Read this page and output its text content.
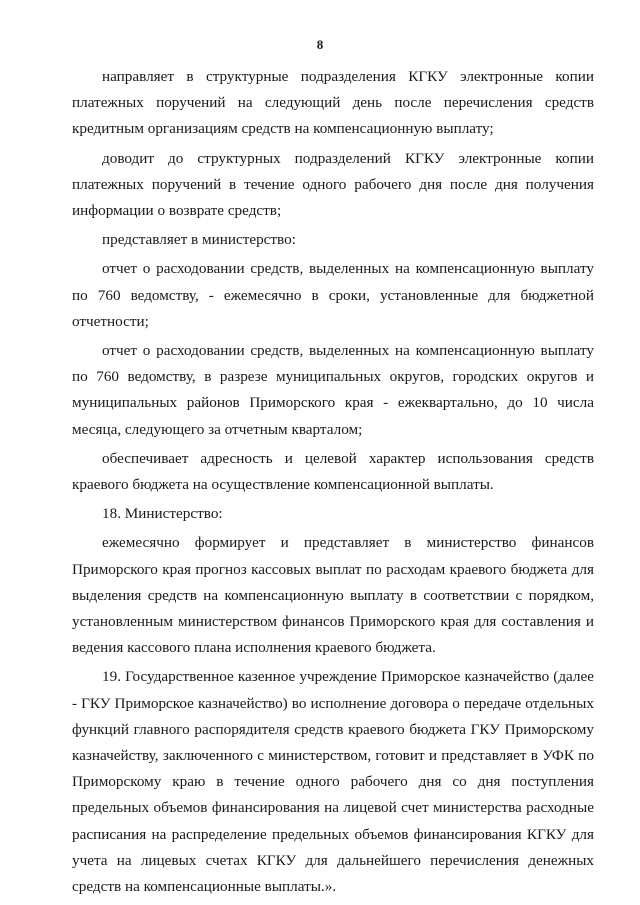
8

направляет в структурные подразделения КГКУ электронные копии платежных поручений на следующий день после перечисления средств кредитным организациям средств на компенсационную выплату;

доводит до структурных подразделений КГКУ электронные копии платежных поручений в течение одного рабочего дня после дня получения информации о возврате средств;

представляет в министерство:

отчет о расходовании средств, выделенных на компенсационную выплату по 760 ведомству, - ежемесячно в сроки, установленные для бюджетной отчетности;

отчет о расходовании средств, выделенных на компенсационную выплату по 760 ведомству, в разрезе муниципальных округов, городских округов и муниципальных районов Приморского края - ежеквартально, до 10 числа месяца, следующего за отчетным кварталом;

обеспечивает адресность и целевой характер использования средств краевого бюджета на осуществление компенсационной выплаты.

18. Министерство:

ежемесячно формирует и представляет в министерство финансов Приморского края прогноз кассовых выплат по расходам краевого бюджета для выделения средств на компенсационную выплату в соответствии с порядком, установленным министерством финансов Приморского края для составления и ведения кассового плана исполнения краевого бюджета.

19. Государственное казенное учреждение Приморское казначейство (далее - ГКУ Приморское казначейство) во исполнение договора о передаче отдельных функций главного распорядителя средств краевого бюджета ГКУ Приморскому казначейству, заключенного с министерством, готовит и представляет в УФК по Приморскому краю в течение одного рабочего дня со дня поступления предельных объемов финансирования на лицевой счет министерства расходные расписания на распределение предельных объемов финансирования КГКУ для учета на лицевых счетах КГКУ для дальнейшего перечисления денежных средств на компенсационные выплаты.».
